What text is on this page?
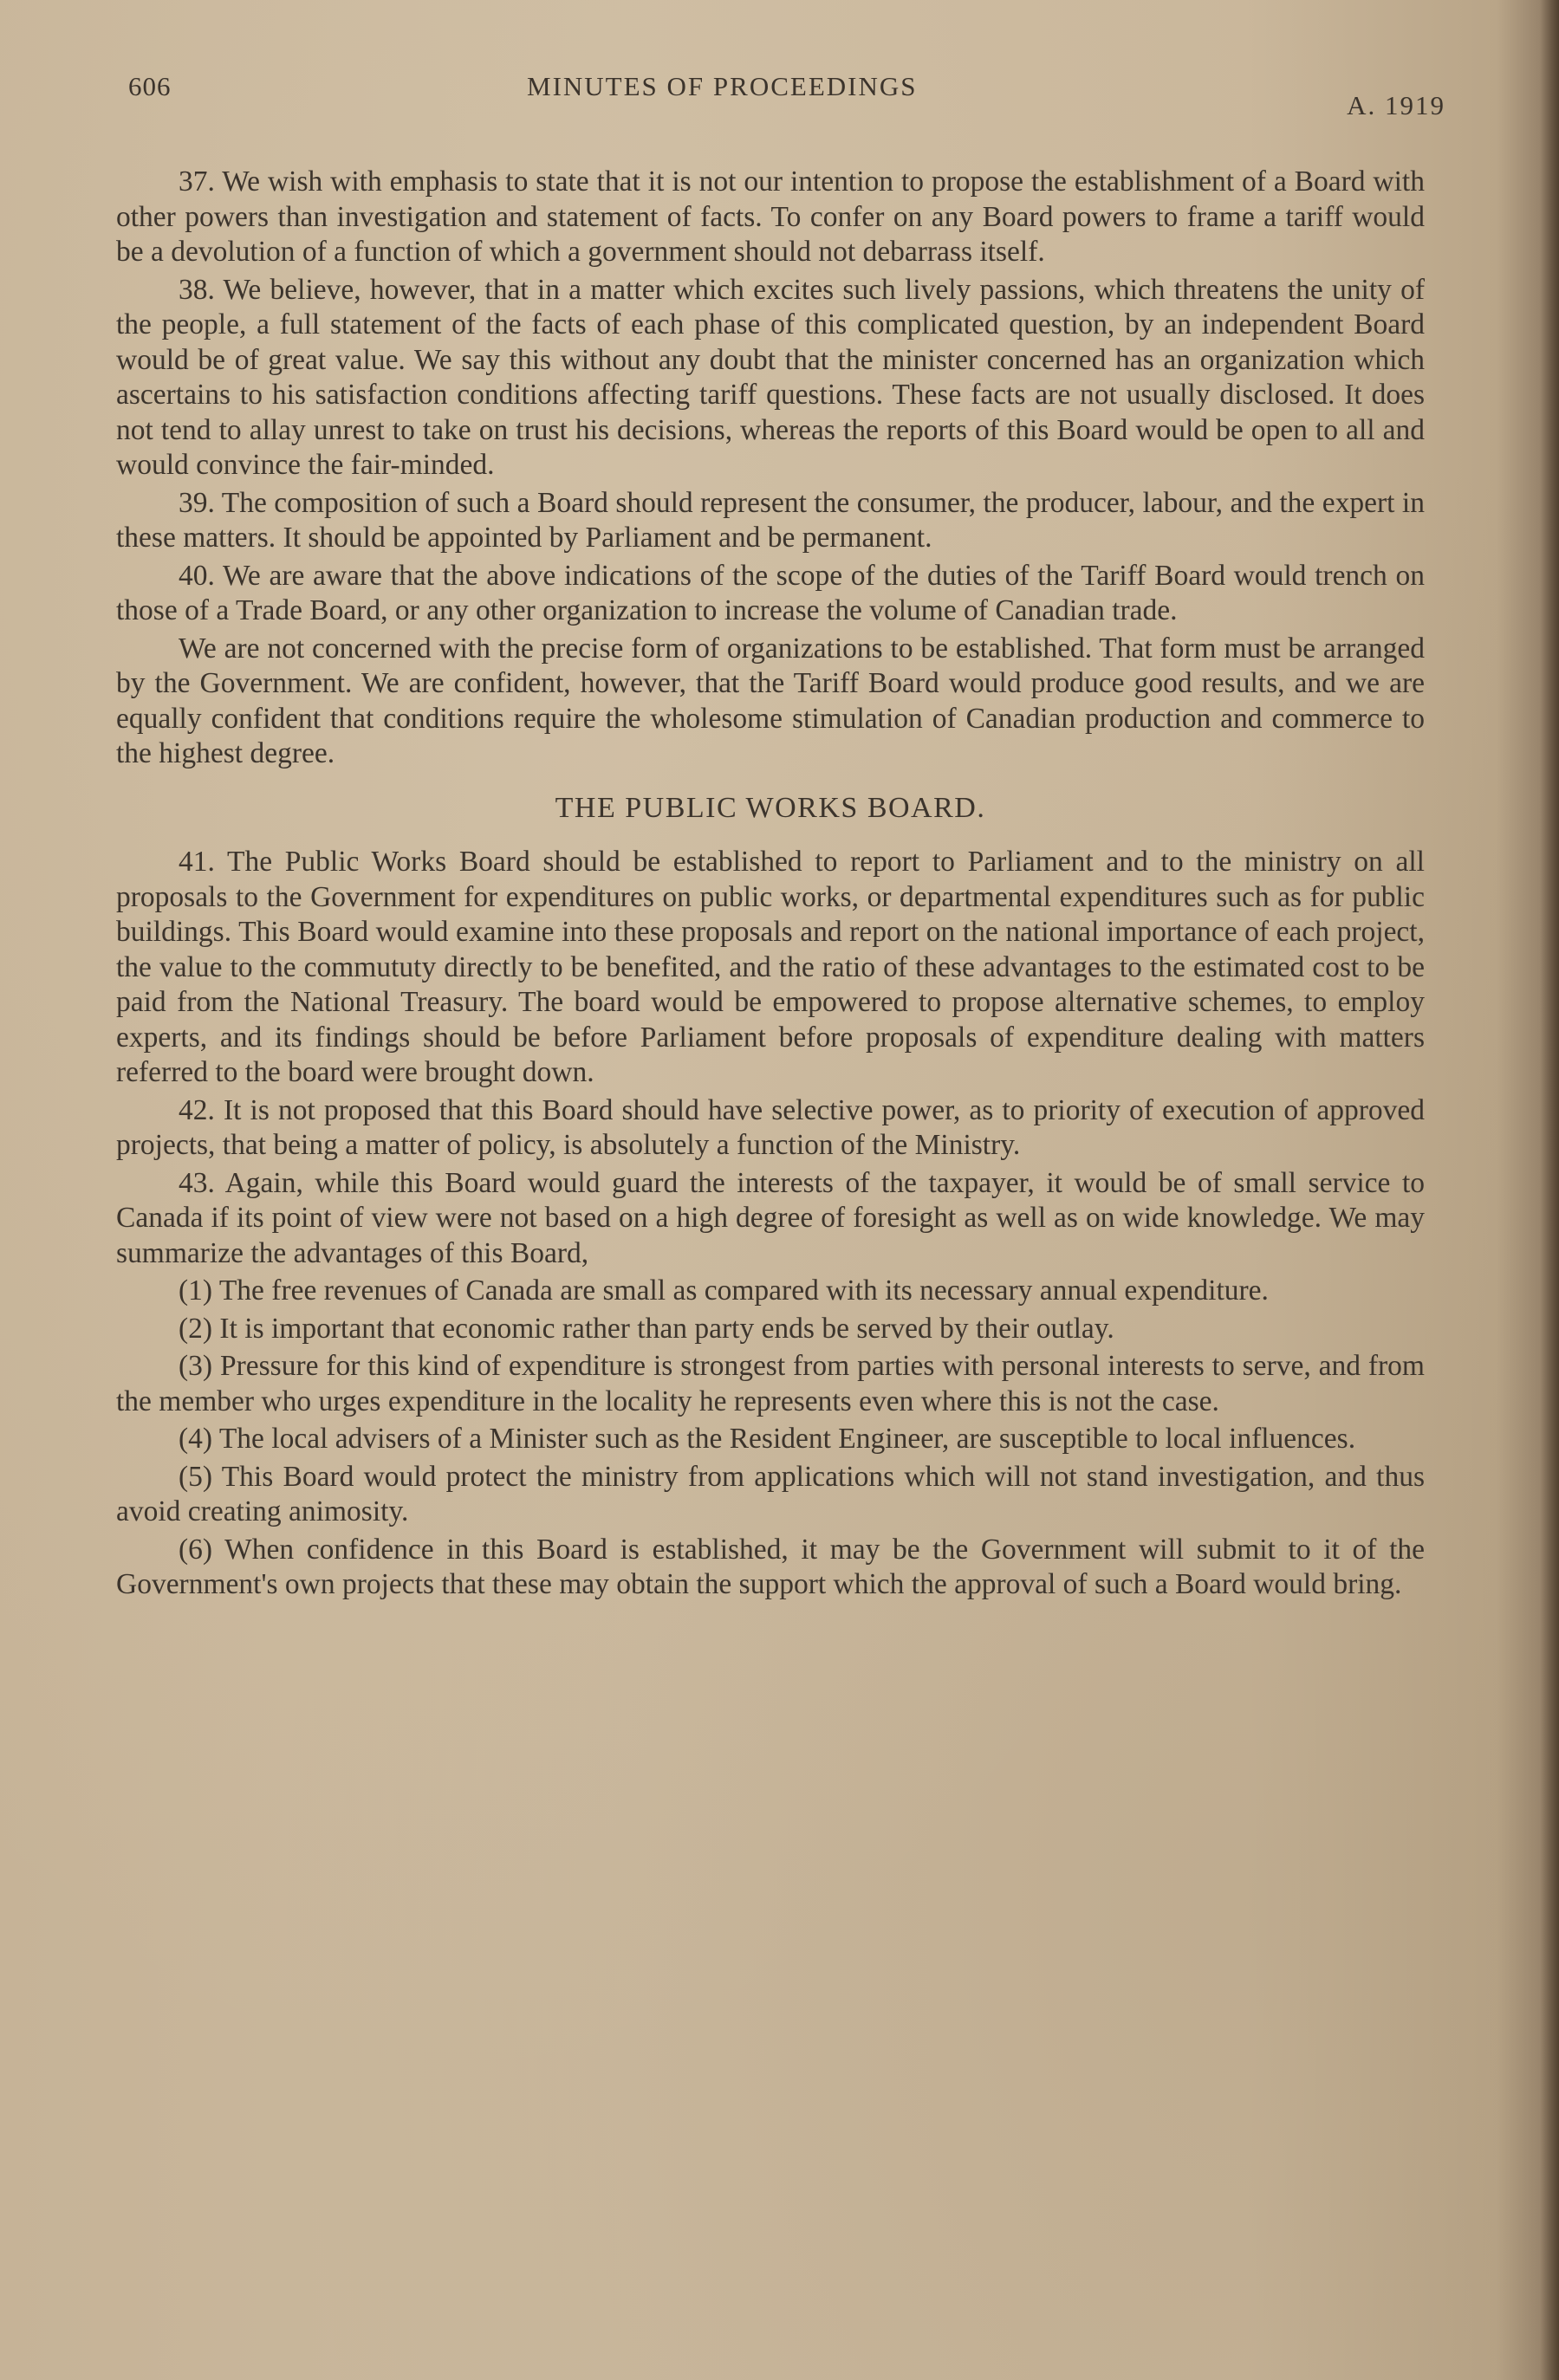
606	MINUTES OF PROCEEDINGS
A. 1919

37. We wish with emphasis to state that it is not our intention to propose the establishment of a Board with other powers than investigation and statement of facts. To confer on any Board powers to frame a tariff would be a devolution of a function of which a government should not debarrass itself.

38. We believe, however, that in a matter which excites such lively passions, which threatens the unity of the people, a full statement of the facts of each phase of this complicated question, by an independent Board would be of great value. We say this without any doubt that the minister concerned has an organization which ascertains to his satisfaction conditions affecting tariff questions. These facts are not usually disclosed. It does not tend to allay unrest to take on trust his decisions, whereas the reports of this Board would be open to all and would convince the fair-minded.

39. The composition of such a Board should represent the consumer, the producer, labour, and the expert in these matters. It should be appointed by Parliament and be permanent.

40. We are aware that the above indications of the scope of the duties of the Tariff Board would trench on those of a Trade Board, or any other organization to increase the volume of Canadian trade.

We are not concerned with the precise form of organizations to be established. That form must be arranged by the Government. We are confident, however, that the Tariff Board would produce good results, and we are equally confident that conditions require the wholesome stimulation of Canadian production and commerce to the highest degree.

THE PUBLIC WORKS BOARD.

41. The Public Works Board should be established to report to Parliament and to the ministry on all proposals to the Government for expenditures on public works, or departmental expenditures such as for public buildings. This Board would examine into these proposals and report on the national importance of each project, the value to the commututy directly to be benefited, and the ratio of these advantages to the estimated cost to be paid from the National Treasury. The board would be empowered to propose alternative schemes, to employ experts, and its findings should be before Parliament before proposals of expenditure dealing with matters referred to the board were brought down.

42. It is not proposed that this Board should have selective power, as to priority of execution of approved projects, that being a matter of policy, is absolutely a function of the Ministry.

43. Again, while this Board would guard the interests of the taxpayer, it would be of small service to Canada if its point of view were not based on a high degree of foresight as well as on wide knowledge. We may summarize the advantages of this Board,

(1) The free revenues of Canada are small as compared with its necessary annual expenditure.

(2) It is important that economic rather than party ends be served by their outlay.

(3) Pressure for this kind of expenditure is strongest from parties with personal interests to serve, and from the member who urges expenditure in the locality he represents even where this is not the case.

(4) The local advisers of a Minister such as the Resident Engineer, are susceptible to local influences.

(5) This Board would protect the ministry from applications which will not stand investigation, and thus avoid creating animosity.

(6) When confidence in this Board is established, it may be the Government will submit to it of the Government's own projects that these may obtain the support which the approval of such a Board would bring.
